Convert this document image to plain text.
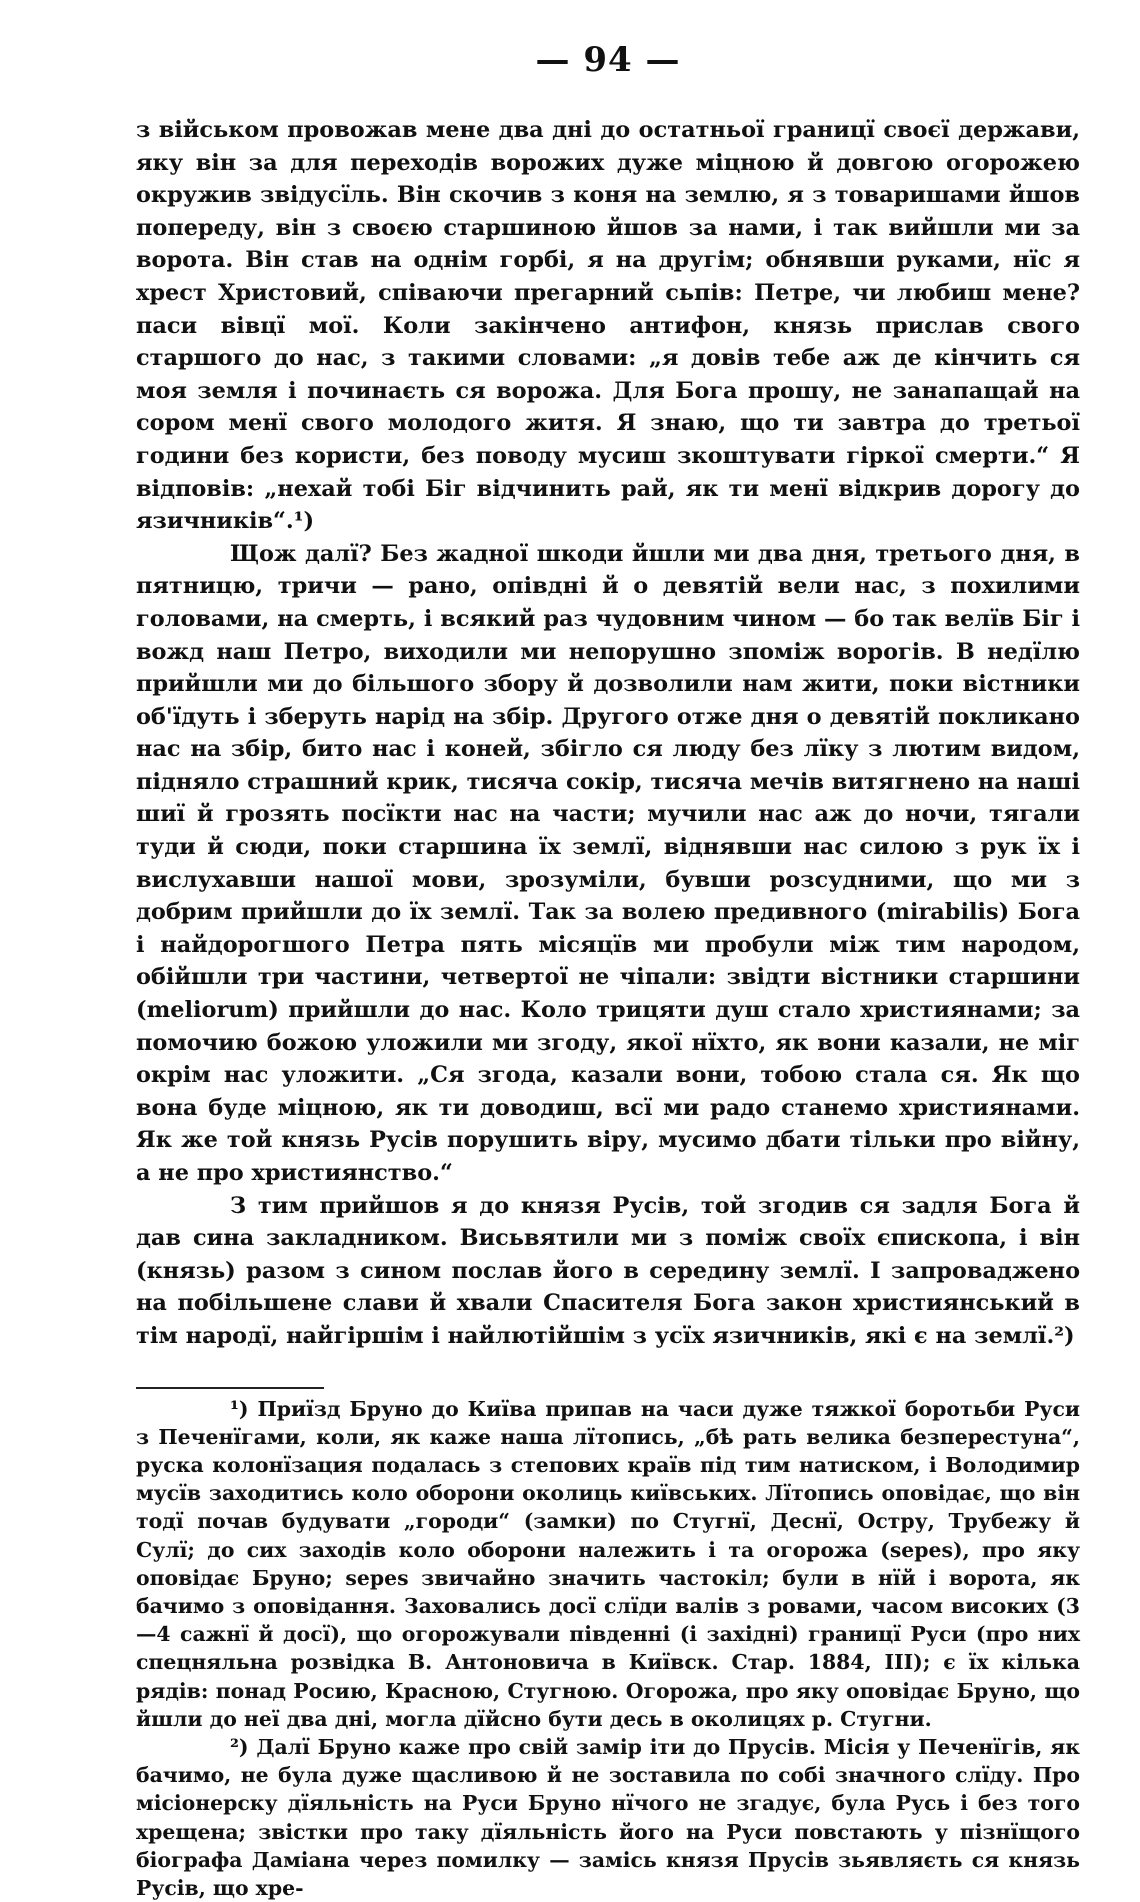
— 94 —

з військом провожав мене два дні до остатньої границї своєї держави, яку він за для переходів ворожих дуже міцною й довгою огорожею окружив звідусїль. Він скочив з коня на землю, я з товаришами йшов попереду, він з своєю старшиною йшов за нами, і так вийшли ми за ворота. Він став на однім горбі, я на другім; обнявши руками, нїс я хрест Христовий, співаючи прегарний сьпів: Петре, чи любиш мене? паси вівцї мої. Коли закінчено антифон, князь прислав свого старшого до нас, з такими словами: „я довів тебе аж де кінчить ся моя земля і починаєть ся ворожа. Для Бога прошу, не занапащай на сором менї свого молодого житя. Я знаю, що ти завтра до третьої години без користи, без поводу мусиш зкоштувати гіркої смерти.“ Я відповів: „нехай тобі Біг відчинить рай, як ти менї відкрив дорогу до язичників“.¹)

Щож далї? Без жадної шкоди йшли ми два дня, третього дня, в пятницю, тричи — рано, опівдні й о девятій вели нас, з похилими головами, на смерть, і всякий раз чудовним чином — бо так велїв Біг і вожд наш Петро, виходили ми непорушно зпоміж ворогів. В недїлю прийшли ми до більшого збору й дозволили нам жити, поки вістники об'їдуть і зберуть нарід на збір. Другого отже дня о девятій покликано нас на збір, бито нас і коней, збігло ся люду без лїку з лютим видом, підняло страшний крик, тисяча сокір, тисяча мечів витягнено на наші шиї й грозять посїкти нас на части; мучили нас аж до ночи, тягали туди й сюди, поки старшина їх землї, віднявши нас силою з рук їх і вислухавши нашої мови, зрозуміли, бувши розсудними, що ми з добрим прийшли до їх землї. Так за волею предивного (mirabilis) Бога і найдорогшого Петра пять місяцїв ми пробули між тим народом, обійшли три частини, четвертої не чіпали: звідти вістники старшини (meliorum) прийшли до нас. Коло трицяти душ стало християнами; за помочию божою уложили ми згоду, якої нїхто, як вони казали, не міг окрім нас уложити. „Ся згода, казали вони, тобою стала ся. Як що вона буде міцною, як ти доводиш, всї ми радо станемо християнами. Як же той князь Русів порушить віру, мусимо дбати тільки про війну, а не про християнство.“

З тим прийшов я до князя Русів, той згодив ся задля Бога й дав сина закладником. Висьвятили ми з поміж своїх єпископа, і він (князь) разом з сином послав його в середину землї. І запроваджено на побільшене слави й хвали Спасителя Бога закон християнський в тім народї, найгіршім і найлютійшім з усїх язичників, які є на землї.²)

¹) Приїзд Бруно до Київа припав на часи дуже тяжкої боротьби Руси з Печенїгами, коли, як каже наша лїтопись, „бѣ рать велика безперестуна“, руска колонїзация подалась з степових країв під тим натиском, і Володимир мусїв заходитись коло оборони околиць київських. Лїтопись оповідає, що він тодї почав будувати „городи“ (замки) по Стугнї, Деснї, Остру, Трубежу й Сулї; до сих заходів коло оборони належить і та огорожа (sepes), про яку оповідає Бруно; sepes звичайно значить частокіл; були в нїй і ворота, як бачимо з оповідання. Заховались досї слїди валів з ровами, часом високих (3—4 сажнї й досї), що огорожували південні (і західні) границї Руси (про них спецняльна розвідка В. Антоновича в Київск. Стар. 1884, III); є їх кілька рядів: понад Росию, Красною, Стугною. Огорожа, про яку оповідає Бруно, що йшли до неї два дні, могла дїйсно бути десь в околицях р. Стугни.

²) Далї Бруно каже про свій замір іти до Прусів. Місія у Печенїгів, як бачимо, не була дуже щасливою й не зоставила по собі значного слїду. Про місіонерску дїяльність на Руси Бруно нїчого не згадує, була Русь і без того хрещена; звістки про таку дїяльність його на Руси повстають у пізнїщого біографа Даміана через помилку — замісь князя Прусів зьявляєть ся князь Русів, що хре-
